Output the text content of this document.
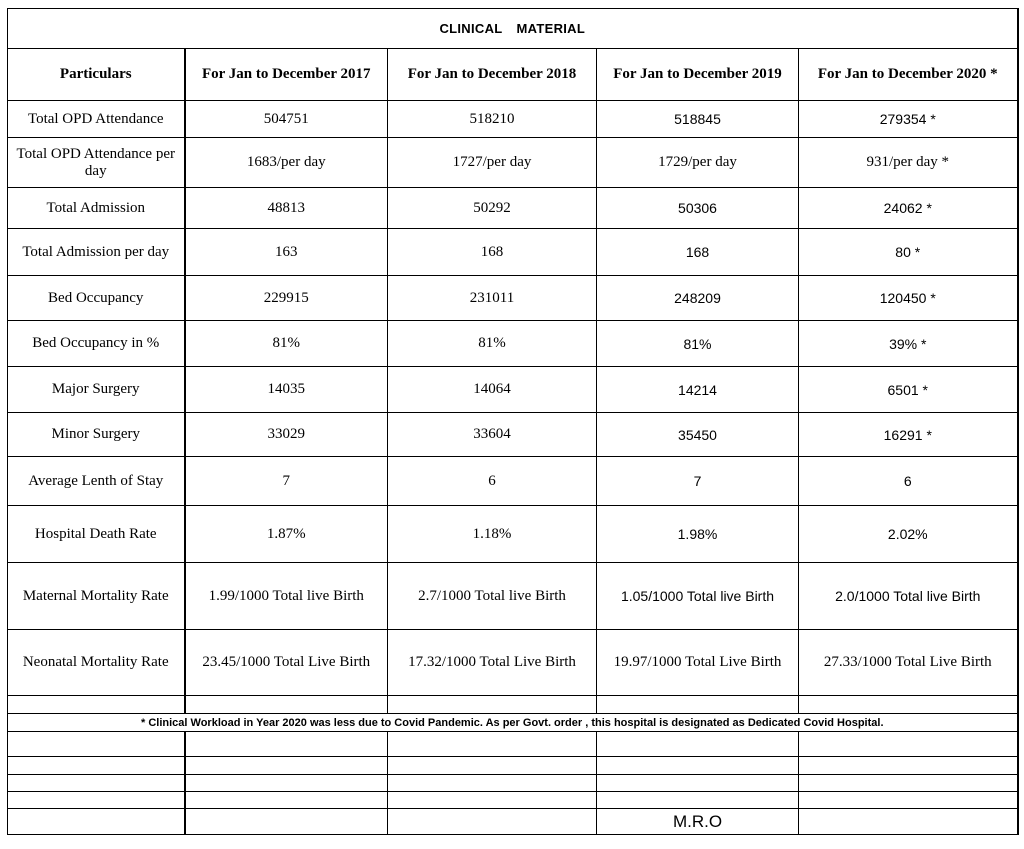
CLINICAL MATERIAL				
Particulars	For Jan to December 2017	For Jan to December 2018	For Jan to December 2019	For Jan to December 2020 *
Total OPD Attendance	504751	518210	518845	279354 *
Total OPD Attendance per day	1683/per day	1727/per day	1729/per day	931/per day *
Total Admission	48813	50292	50306	24062 *
Total Admission per day	163	168	168	80 *
Bed Occupancy	229915	231011	248209	120450 *
Bed Occupancy in %	81%	81%	81%	39% *
Major Surgery	14035	14064	14214	6501 *
Minor Surgery	33029	33604	35450	16291 *
Average Lenth of Stay	7	6	7	6
Hospital Death Rate	1.87%	1.18%	1.98%	2.02%
Maternal Mortality Rate	1.99/1000 Total live Birth	2.7/1000 Total live Birth	1.05/1000 Total live Birth	2.0/1000 Total live Birth
Neonatal Mortality Rate	23.45/1000 Total Live Birth	17.32/1000 Total Live Birth	19.97/1000 Total Live Birth	27.33/1000 Total Live Birth

* Clinical Workload in Year 2020 was less due to Covid Pandemic. As per Govt. order , this hospital is designated as Dedicated Covid Hospital.				

			M.R.O	
